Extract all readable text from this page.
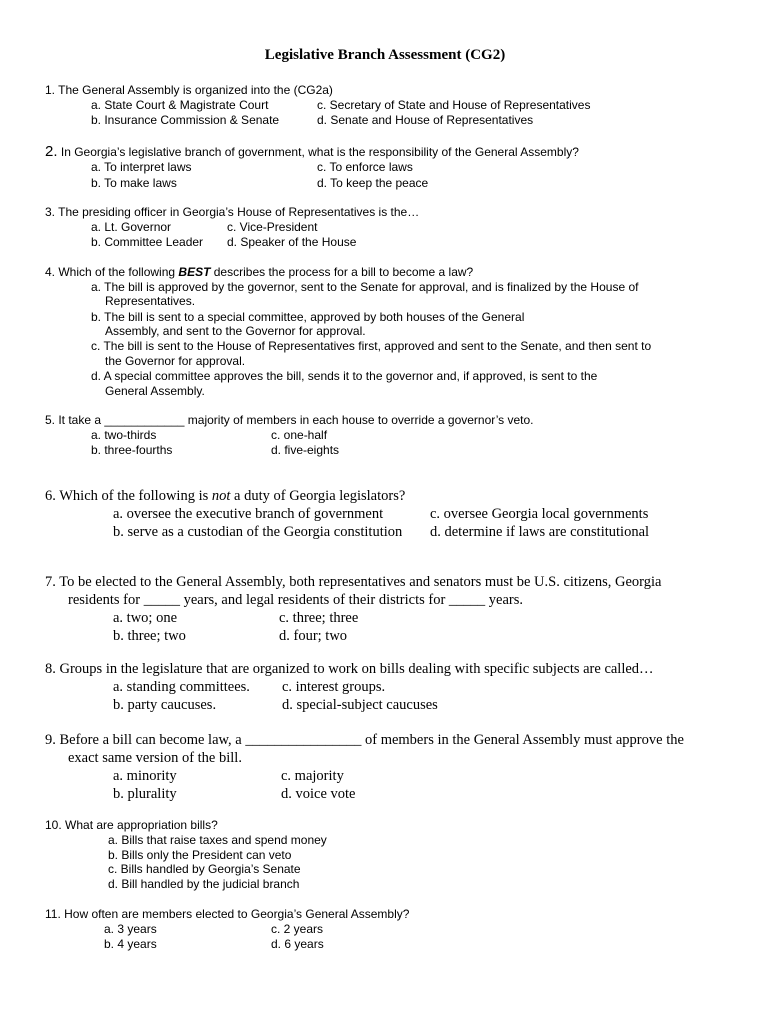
Legislative Branch Assessment (CG2)
1. The General Assembly is organized into the (CG2a)
a. State Court & Magistrate Court
b. Insurance Commission & Senate
c. Secretary of State and House of Representatives
d. Senate and House of Representatives
2. In Georgia’s legislative branch of government, what is the responsibility of the General Assembly?
a. To interpret laws
b. To make laws
c. To enforce laws
d. To keep the peace
3. The presiding officer in Georgia’s House of Representatives is the…
a. Lt. Governor
b. Committee Leader
c. Vice-President
d. Speaker of the House
4. Which of the following BEST describes the process for a bill to become a law?
a. The bill is approved by the governor, sent to the Senate for approval, and is finalized by the House of
Representatives.
b. The bill is sent to a special committee, approved by both houses of the General
Assembly, and sent to the Governor for approval.
c. The bill is sent to the House of Representatives first, approved and sent to the Senate, and then sent to
the Governor for approval.
d. A special committee approves the bill, sends it to the governor and, if approved, is sent to the
General Assembly.
5. It take a ____________ majority of members in each house to override a governor’s veto.
a. two-thirds
b. three-fourths
c. one-half
d. five-eights
6. Which of the following is not a duty of Georgia legislators?
a. oversee the executive branch of government
b. serve as a custodian of the Georgia constitution
c. oversee Georgia local governments
d. determine if laws are constitutional
7. To be elected to the General Assembly, both representatives and senators must be U.S. citizens, Georgia
residents for _____ years, and legal residents of their districts for _____ years.
a. two; one
b. three; two
c. three; three
d. four; two
8. Groups in the legislature that are organized to work on bills dealing with specific subjects are called…
a. standing committees.
b. party caucuses.
c. interest groups.
d. special-subject caucuses
9. Before a bill can become law, a ________________ of members in the General Assembly must approve the
exact same version of the bill.
a. minority
b. plurality
c. majority
d. voice vote
10. What are appropriation bills?
a. Bills that raise taxes and spend money
b. Bills only the President can veto
c. Bills handled by Georgia’s Senate
d. Bill handled by the judicial branch
11. How often are members elected to Georgia’s General Assembly?
a. 3 years
b. 4 years
c. 2 years
d. 6 years
